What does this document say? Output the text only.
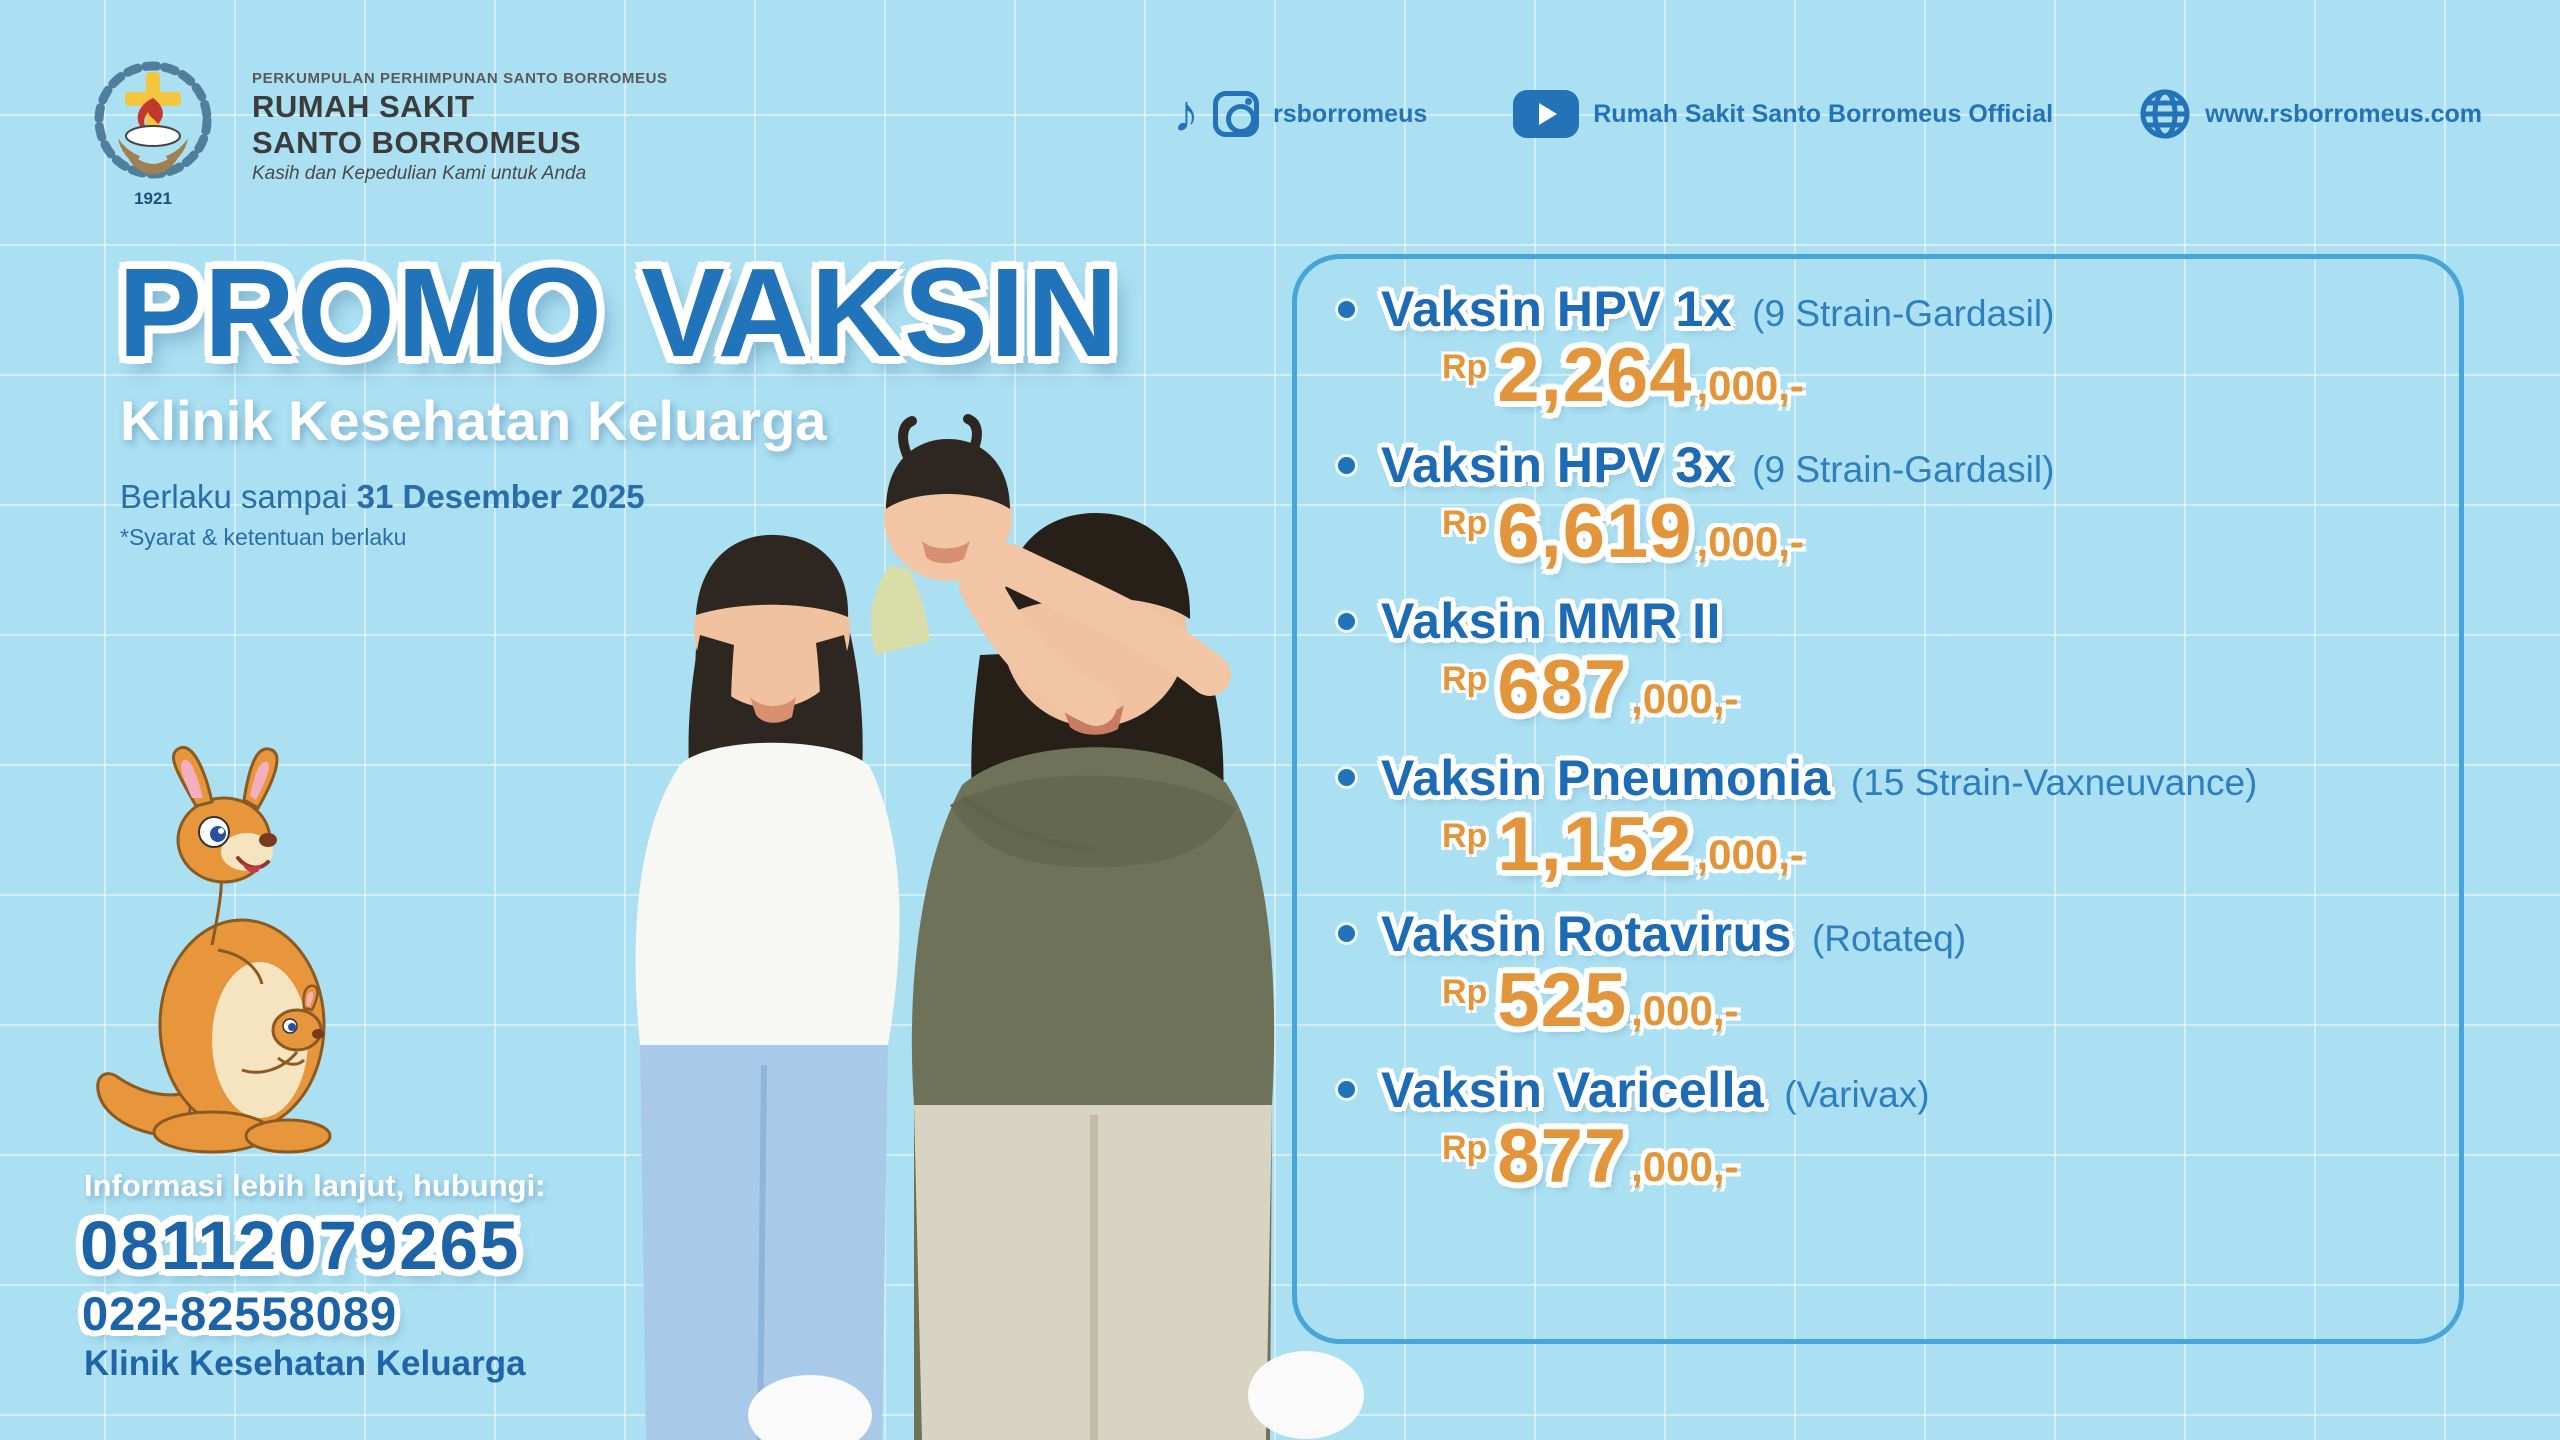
1921
PERKUMPULAN PERHIMPUNAN SANTO BORROMEUS
RUMAH SAKIT
SANTO BORROMEUS
Kasih dan Kepedulian Kami untuk Anda
♪	rsborromeus	Rumah Sakit Santo Borromeus Official	www.rsborromeus.com
PROMO VAKSIN
Klinik Kesehatan Keluarga
Berlaku sampai 31 Desember 2025
*Syarat & ketentuan berlaku
Informasi lebih lanjut, hubungi:
08112079265
022-82558089
Klinik Kesehatan Keluarga
Vaksin HPV 1x (9 Strain-Gardasil)
Rp 2,264 ,000,-
Vaksin HPV 3x (9 Strain-Gardasil)
Rp 6,619 ,000,-
Vaksin MMR II
Rp 687 ,000,-
Vaksin Pneumonia (15 Strain-Vaxneuvance)
Rp 1,152 ,000,-
Vaksin Rotavirus (Rotateq)
Rp 525 ,000,-
Vaksin Varicella (Varivax)
Rp 877 ,000,-
